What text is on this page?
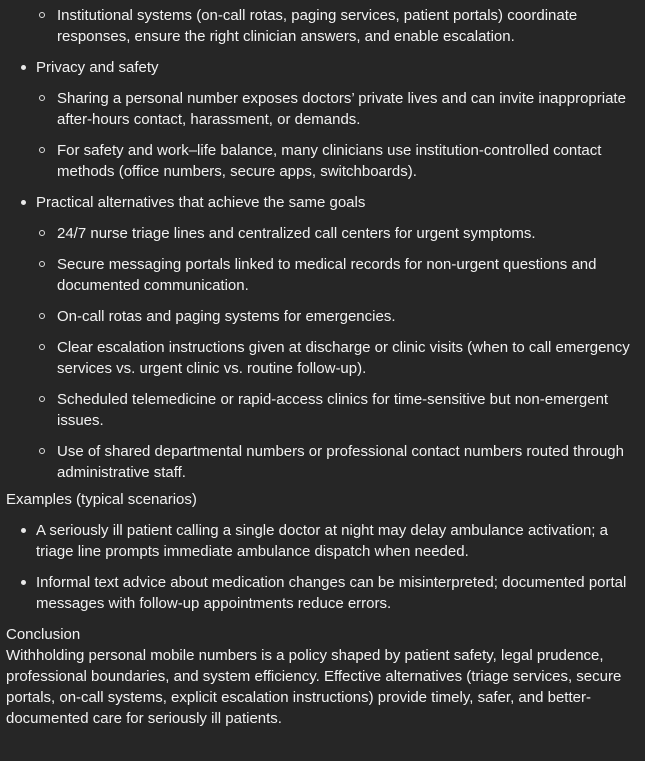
Institutional systems (on-call rotas, paging services, patient portals) coordinate responses, ensure the right clinician answers, and enable escalation.
Privacy and safety
Sharing a personal number exposes doctors’ private lives and can invite inappropriate after-hours contact, harassment, or demands.
For safety and work–life balance, many clinicians use institution-controlled contact methods (office numbers, secure apps, switchboards).
Practical alternatives that achieve the same goals
24/7 nurse triage lines and centralized call centers for urgent symptoms.
Secure messaging portals linked to medical records for non-urgent questions and documented communication.
On-call rotas and paging systems for emergencies.
Clear escalation instructions given at discharge or clinic visits (when to call emergency services vs. urgent clinic vs. routine follow-up).
Scheduled telemedicine or rapid-access clinics for time-sensitive but non-emergent issues.
Use of shared departmental numbers or professional contact numbers routed through administrative staff.

Examples (typical scenarios)

A seriously ill patient calling a single doctor at night may delay ambulance activation; a triage line prompts immediate ambulance dispatch when needed.
Informal text advice about medication changes can be misinterpreted; documented portal messages with follow-up appointments reduce errors.

Conclusion

Withholding personal mobile numbers is a policy shaped by patient safety, legal prudence, professional boundaries, and system efficiency. Effective alternatives (triage services, secure portals, on-call systems, explicit escalation instructions) provide timely, safer, and better-documented care for seriously ill patients.
